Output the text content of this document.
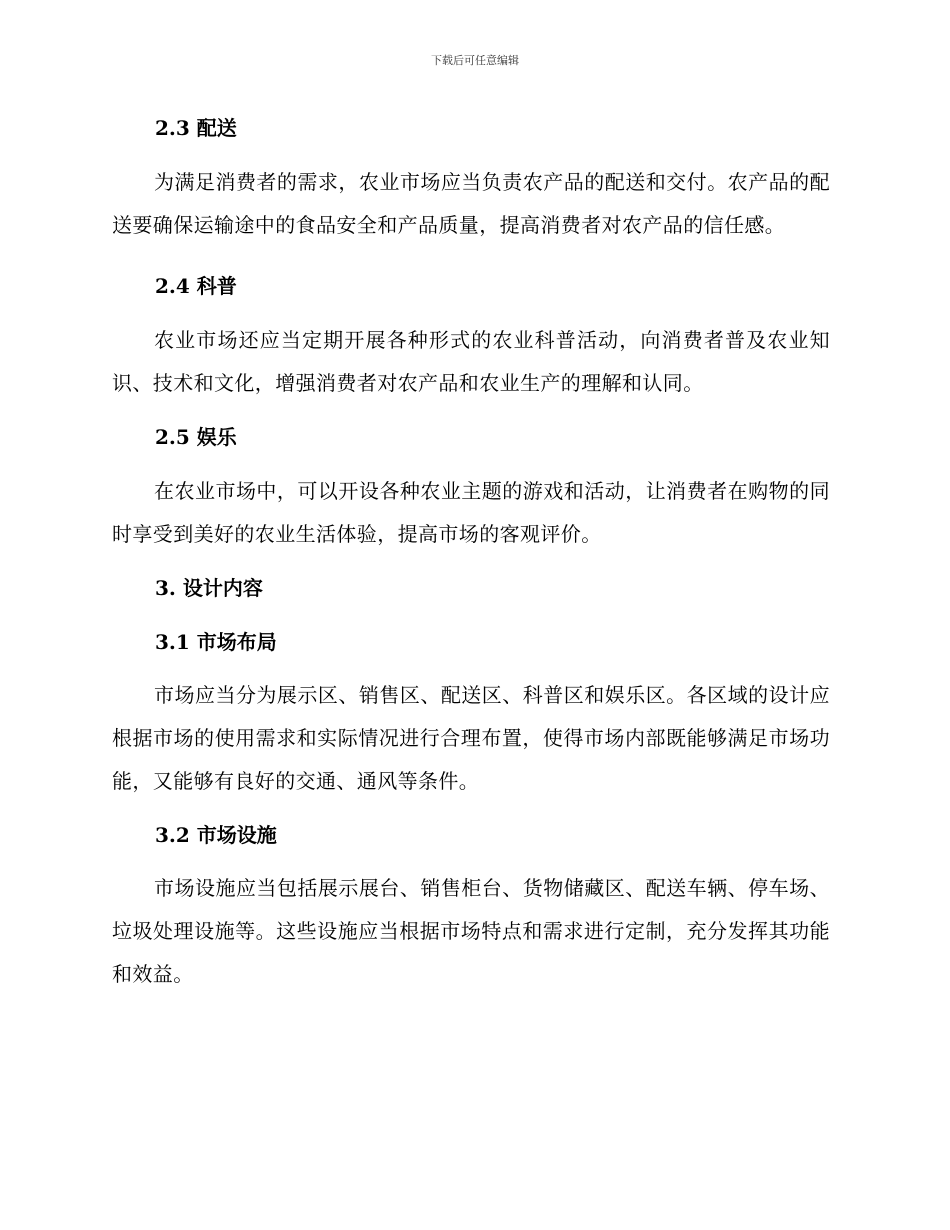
下载后可任意编辑
2.3 配送

为满足消费者的需求，农业市场应当负责农产品的配送和交付。农产品的配送要确保运输途中的食品安全和产品质量，提高消费者对农产品的信任感。

2.4 科普

农业市场还应当定期开展各种形式的农业科普活动，向消费者普及农业知识、技术和文化，增强消费者对农产品和农业生产的理解和认同。

2.5 娱乐

在农业市场中，可以开设各种农业主题的游戏和活动，让消费者在购物的同时享受到美好的农业生活体验，提高市场的客观评价。

3. 设计内容
3.1 市场布局

市场应当分为展示区、销售区、配送区、科普区和娱乐区。各区域的设计应根据市场的使用需求和实际情况进行合理布置，使得市场内部既能够满足市场功能，又能够有良好的交通、通风等条件。

3.2 市场设施

市场设施应当包括展示展台、销售柜台、货物储藏区、配送车辆、停车场、垃圾处理设施等。这些设施应当根据市场特点和需求进行定制，充分发挥其功能和效益。
